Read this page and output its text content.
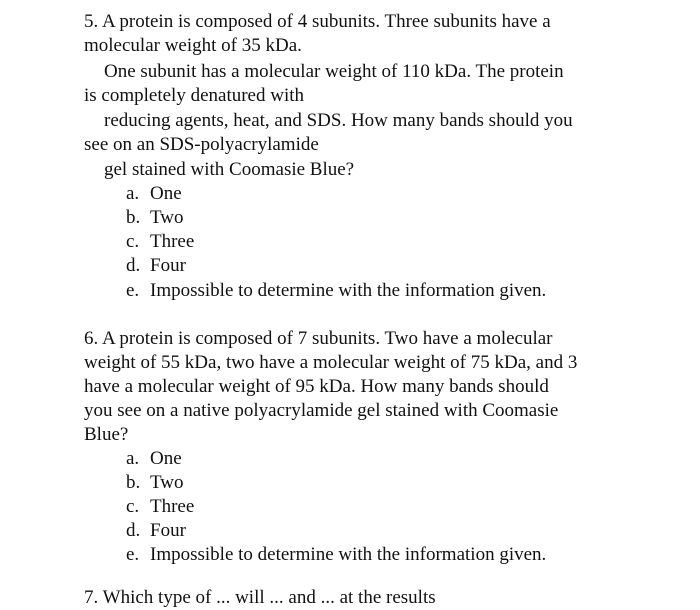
5. A protein is composed of 4 subunits. Three subunits have a
molecular weight of 35 kDa.
One subunit has a molecular weight of 110 kDa. The protein
is completely denatured with
reducing agents, heat, and SDS. How many bands should you
see on an SDS-polyacrylamide
gel stained with Coomasie Blue?
a. One
b. Two
c. Three
d. Four
e. Impossible to determine with the information given.
6. A protein is composed of 7 subunits. Two have a molecular
weight of 55 kDa, two have a molecular weight of 75 kDa, and 3
have a molecular weight of 95 kDa. How many bands should
you see on a native polyacrylamide gel stained with Coomasie
Blue?
a. One
b. Two
c. Three
d. Four
e. Impossible to determine with the information given.
7. Which type of ... will ... and ... at the results
